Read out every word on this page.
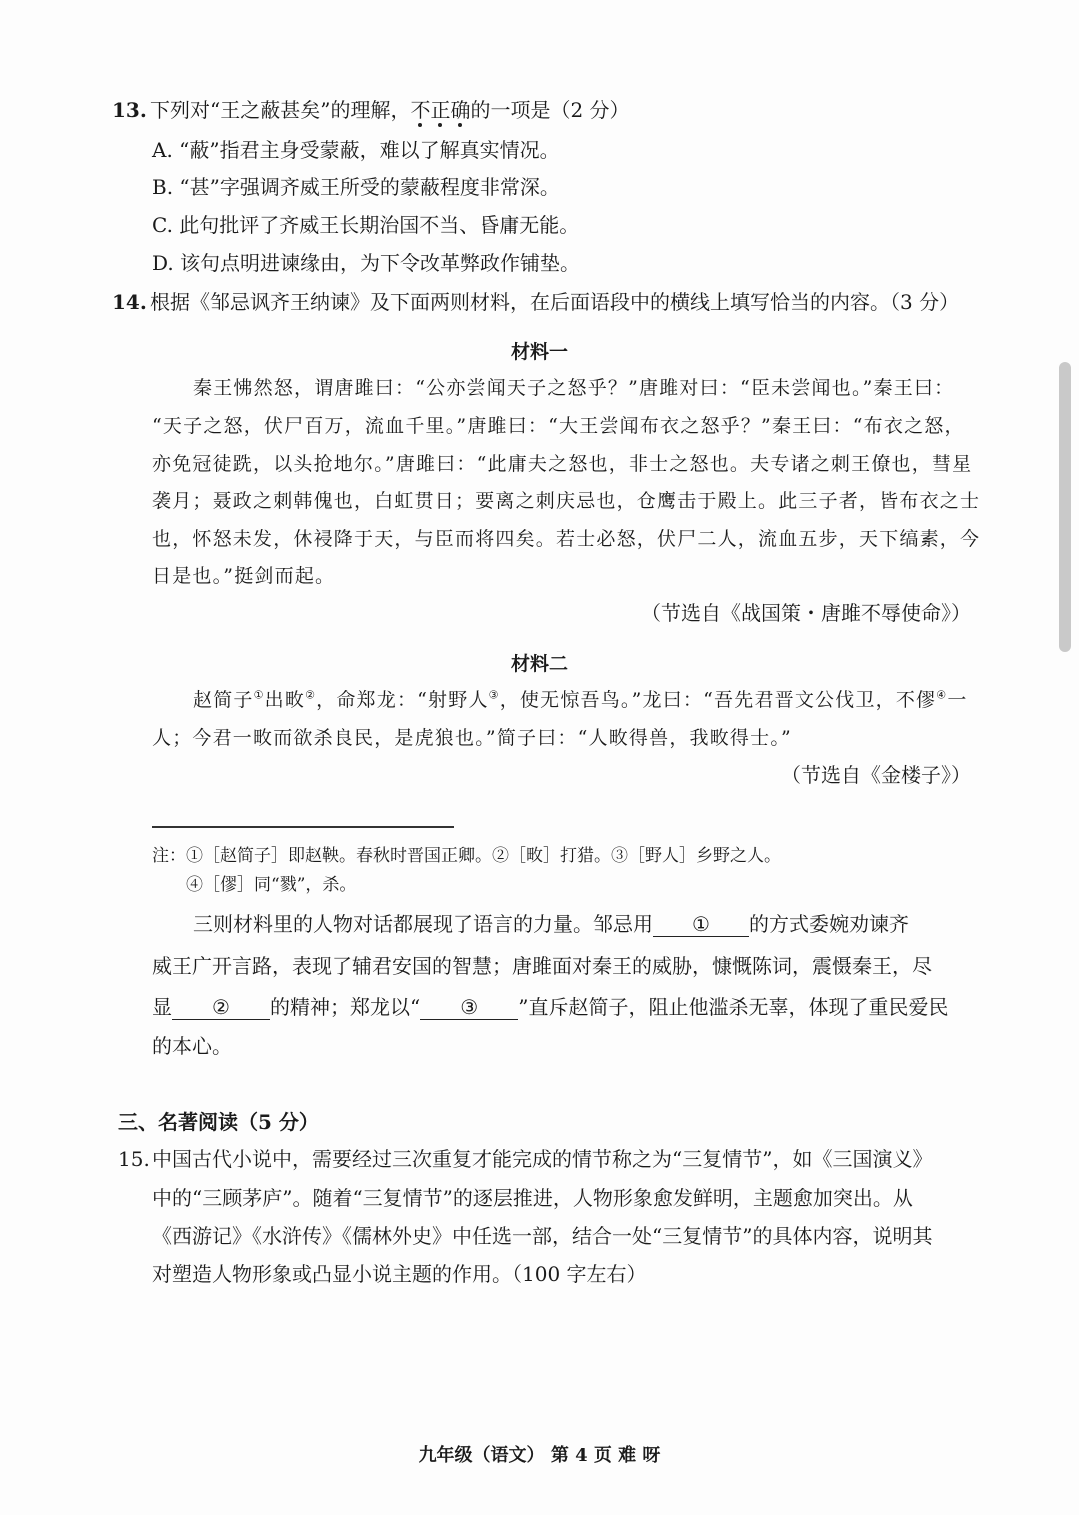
13. 下列对“王之蔽甚矣”的理解，不正确的一项是（2 分）
A. “蔽”指君主身受蒙蔽，难以了解真实情况。
B. “甚”字强调齐威王所受的蒙蔽程度非常深。
C. 此句批评了齐威王长期治国不当、昏庸无能。
D. 该句点明进谏缘由，为下令改革弊政作铺垫。
14. 根据《邹忌讽齐王纳谏》及下面两则材料，在后面语段中的横线上填写恰当的内容。（3 分）
材料一
秦王怫然怒，谓唐雎曰：“公亦尝闻天子之怒乎？”唐雎对曰：“臣未尝闻也。”秦王曰：
“天子之怒，伏尸百万，流血千里。”唐雎曰：“大王尝闻布衣之怒乎？”秦王曰：“布衣之怒，
亦免冠徒跣，以头抢地尔。”唐雎曰：“此庸夫之怒也，非士之怒也。夫专诸之刺王僚也，彗星
袭月；聂政之刺韩傀也，白虹贯日；要离之刺庆忌也，仓鹰击于殿上。此三子者，皆布衣之士
也，怀怒未发，休祲降于天，与臣而将四矣。若士必怒，伏尸二人，流血五步，天下缟素，今
日是也。”挺剑而起。
（节选自《战国策・唐雎不辱使命》）
材料二
赵简子①出畋②，命郑龙：“射野人③，使无惊吾鸟。”龙曰：“吾先君晋文公伐卫，不僇④一
人；今君一畋而欲杀良民，是虎狼也。”简子曰：“人畋得兽，我畋得士。”
（节选自《金楼子》）
注：①［赵简子］即赵鞅。春秋时晋国正卿。②［畋］打猎。③［野人］乡野之人。
④［僇］同“戮”，杀。
三则材料里的人物对话都展现了语言的力量。邹忌用 ① 的方式委婉劝谏齐
威王广开言路，表现了辅君安国的智慧；唐雎面对秦王的威胁，慷慨陈词，震慑秦王，尽
显 ② 的精神；郑龙以“ ③ ”直斥赵简子，阻止他滥杀无辜，体现了重民爱民
的本心。
三、名著阅读（5 分）
15. 中国古代小说中，需要经过三次重复才能完成的情节称之为“三复情节”，如《三国演义》
中的“三顾茅庐”。随着“三复情节”的逐层推进，人物形象愈发鲜明，主题愈加突出。从
《西游记》《水浒传》《儒林外史》中任选一部，结合一处“三复情节”的具体内容，说明其
对塑造人物形象或凸显小说主题的作用。（100 字左右）
九年级（语文） 第 4 页 难 呀
